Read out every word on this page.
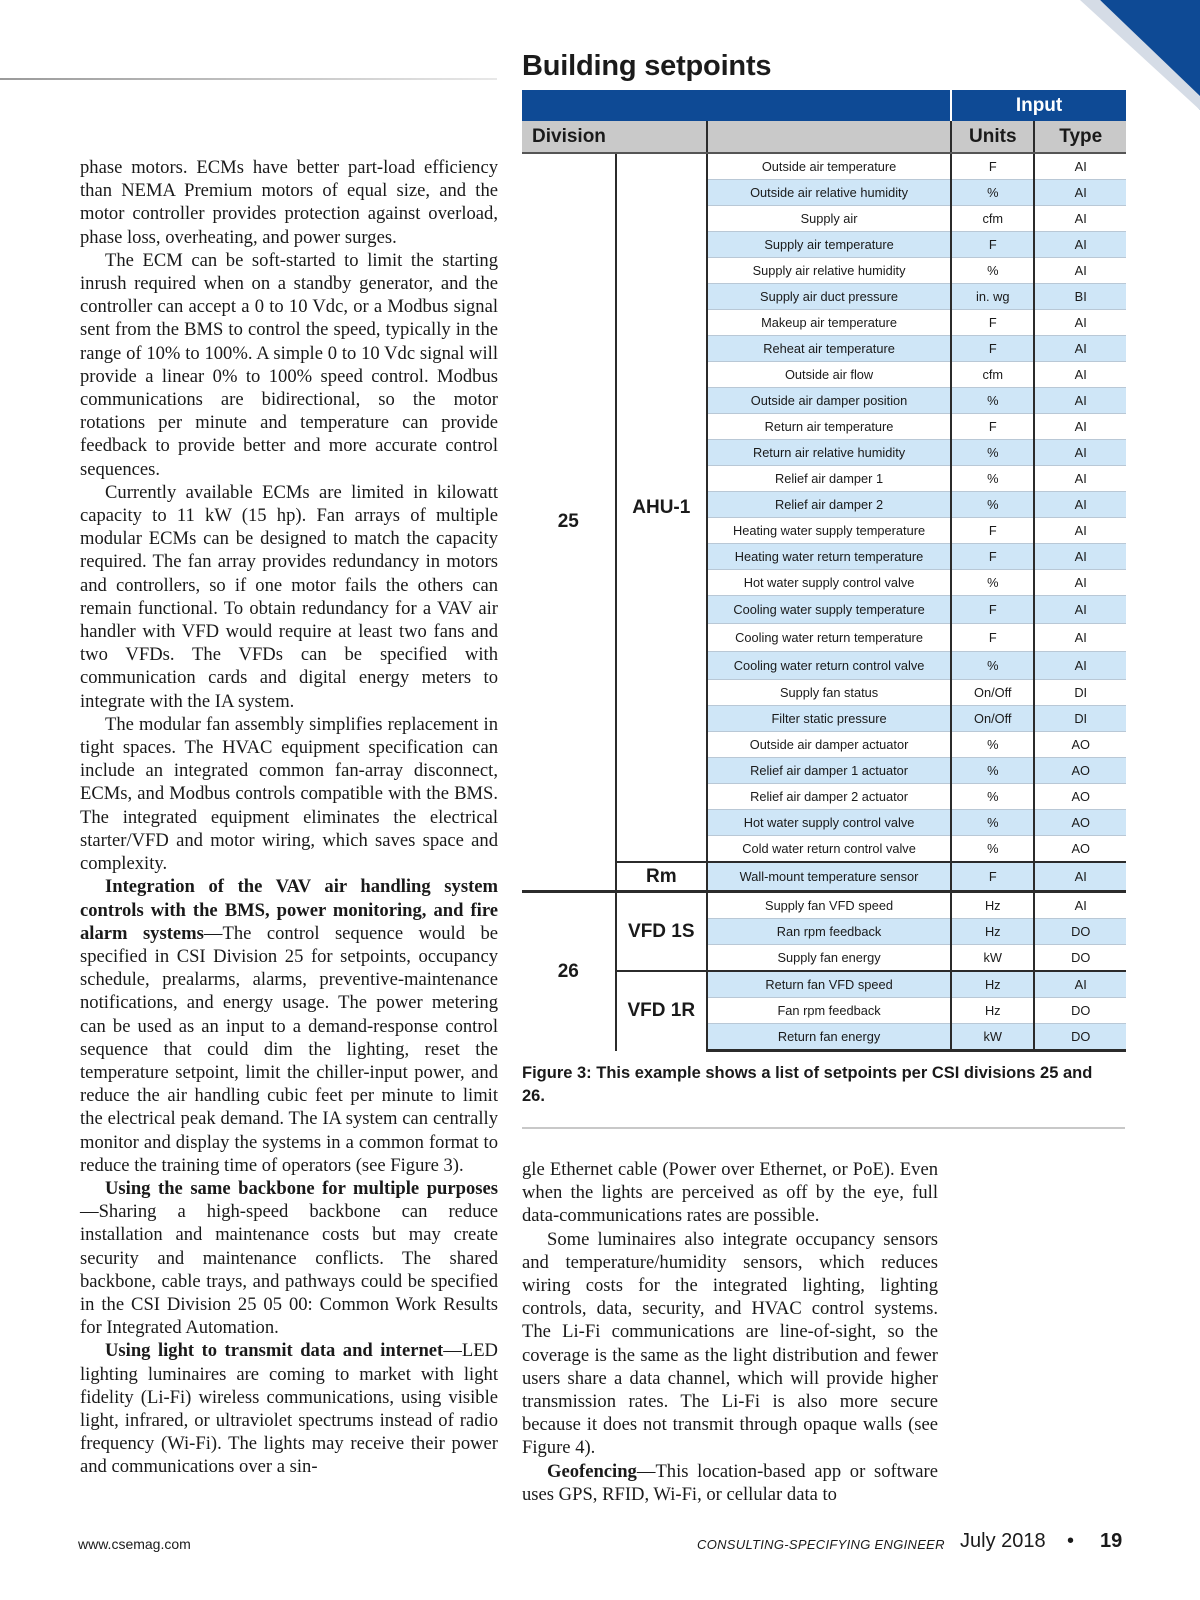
phase motors. ECMs have better part-load efficiency than NEMA Premium motors of equal size, and the motor controller provides protection against overload, phase loss, overheating, and power surges.

The ECM can be soft-started to limit the starting inrush required when on a standby generator, and the controller can accept a 0 to 10 Vdc, or a Modbus signal sent from the BMS to control the speed, typically in the range of 10% to 100%. A simple 0 to 10 Vdc signal will provide a linear 0% to 100% speed control. Modbus communications are bidirectional, so the motor rotations per minute and temperature can provide feedback to provide better and more accurate control sequences.

Currently available ECMs are limited in kilowatt capacity to 11 kW (15 hp). Fan arrays of multiple modular ECMs can be designed to match the capacity required. The fan array provides redundancy in motors and controllers, so if one motor fails the others can remain functional. To obtain redundancy for a VAV air handler with VFD would require at least two fans and two VFDs. The VFDs can be specified with communication cards and digital energy meters to integrate with the IA system.

The modular fan assembly simplifies replacement in tight spaces. The HVAC equipment specification can include an integrated common fan-array disconnect, ECMs, and Modbus controls compatible with the BMS. The integrated equipment eliminates the electrical starter/VFD and motor wiring, which saves space and complexity.

Integration of the VAV air handling system controls with the BMS, power monitoring, and fire alarm systems—The control sequence would be specified in CSI Division 25 for setpoints, occupancy schedule, prealarms, alarms, preventive-maintenance notifications, and energy usage. The power metering can be used as an input to a demand-response control sequence that could dim the lighting, reset the temperature setpoint, limit the chiller-input power, and reduce the air handling cubic feet per minute to limit the electrical peak demand. The IA system can centrally monitor and display the systems in a common format to reduce the training time of operators (see Figure 3).

Using the same backbone for multiple purposes—Sharing a high-speed backbone can reduce installation and maintenance costs but may create security and maintenance conflicts. The shared backbone, cable trays, and pathways could be specified in the CSI Division 25 05 00: Common Work Results for Integrated Automation.

Using light to transmit data and internet—LED lighting luminaires are coming to market with light fidelity (Li-Fi) wireless communications, using visible light, infrared, or ultraviolet spectrums instead of radio frequency (Wi-Fi). The lights may receive their power and communications over a sin-

gle Ethernet cable (Power over Ethernet, or PoE). Even when the lights are perceived as off by the eye, full data-communications rates are possible.

Some luminaires also integrate occupancy sensors and temperature/humidity sensors, which reduces wiring costs for the integrated lighting, lighting controls, data, security, and HVAC control systems. The Li-Fi communications are line-of-sight, so the coverage is the same as the light distribution and fewer users share a data channel, which will provide higher transmission rates. The Li-Fi is also more secure because it does not transmit through opaque walls (see Figure 4).

Geofencing—This location-based app or software uses GPS, RFID, Wi-Fi, or cellular data to

Building setpoints
			Input	
Division			Units	Type
25	AHU-1	Outside air temperature	F	AI
		Outside air relative humidity	%	AI
		Supply air	cfm	AI
		Supply air temperature	F	AI
		Supply air relative humidity	%	AI
		Supply air duct pressure	in. wg	BI
		Makeup air temperature	F	AI
		Reheat air temperature	F	AI
		Outside air flow	cfm	AI
		Outside air damper position	%	AI
		Return air temperature	F	AI
		Return air relative humidity	%	AI
		Relief air damper 1	%	AI
		Relief air damper 2	%	AI
		Heating water supply temperature	F	AI
		Heating water return temperature	F	AI
		Hot water supply control valve	%	AI
		Cooling water supply temperature	F	AI
		Cooling water return temperature	F	AI
		Cooling water return control valve	%	AI
		Supply fan status	On/Off	DI
		Filter static pressure	On/Off	DI
		Outside air damper actuator	%	AO
		Relief air damper 1 actuator	%	AO
		Relief air damper 2 actuator	%	AO
		Hot water supply control valve	%	AO
		Cold water return control valve	%	AO
	Rm	Wall-mount temperature sensor	F	AI
26	VFD 1S	Supply fan VFD speed	Hz	AI
		Ran rpm feedback	Hz	DO
		Supply fan energy	kW	DO
	VFD 1R	Return fan VFD speed	Hz	AI
		Fan rpm feedback	Hz	DO
		Return fan energy	kW	DO

Figure 3: This example shows a list of setpoints per CSI divisions 25 and 26.

www.csemag.com	CONSULTING-SPECIFYING ENGINEER July 2018 • 19
